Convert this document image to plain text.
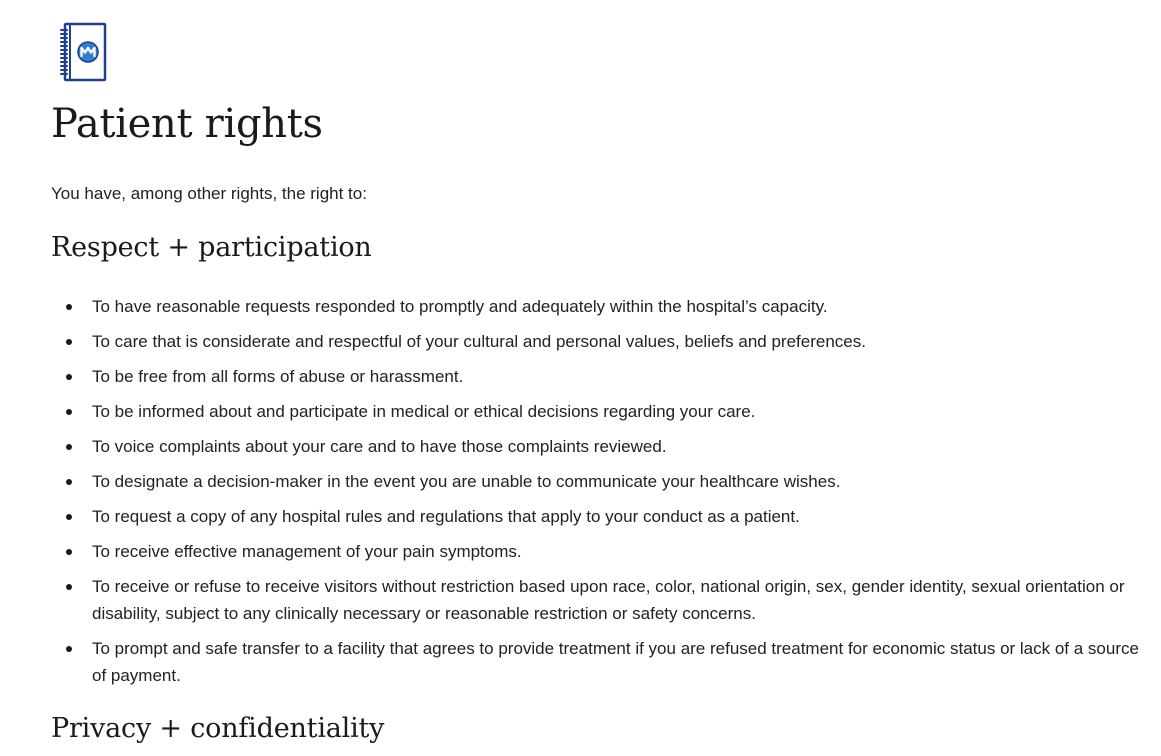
Patient rights

You have, among other rights, the right to:

Respect + participation
To have reasonable requests responded to promptly and adequately within the hospital’s capacity.
To care that is considerate and respectful of your cultural and personal values, beliefs and preferences.
To be free from all forms of abuse or harassment.
To be informed about and participate in medical or ethical decisions regarding your care.
To voice complaints about your care and to have those complaints reviewed.
To designate a decision-maker in the event you are unable to communicate your healthcare wishes.
To request a copy of any hospital rules and regulations that apply to your conduct as a patient.
To receive effective management of your pain symptoms.
To receive or refuse to receive visitors without restriction based upon race, color, national origin, sex, gender identity, sexual orientation or disability, subject to any clinically necessary or reasonable restriction or safety concerns.
To prompt and safe transfer to a facility that agrees to provide treatment if you are refused treatment for economic status or lack of a source of payment.
Privacy + confidentiality
